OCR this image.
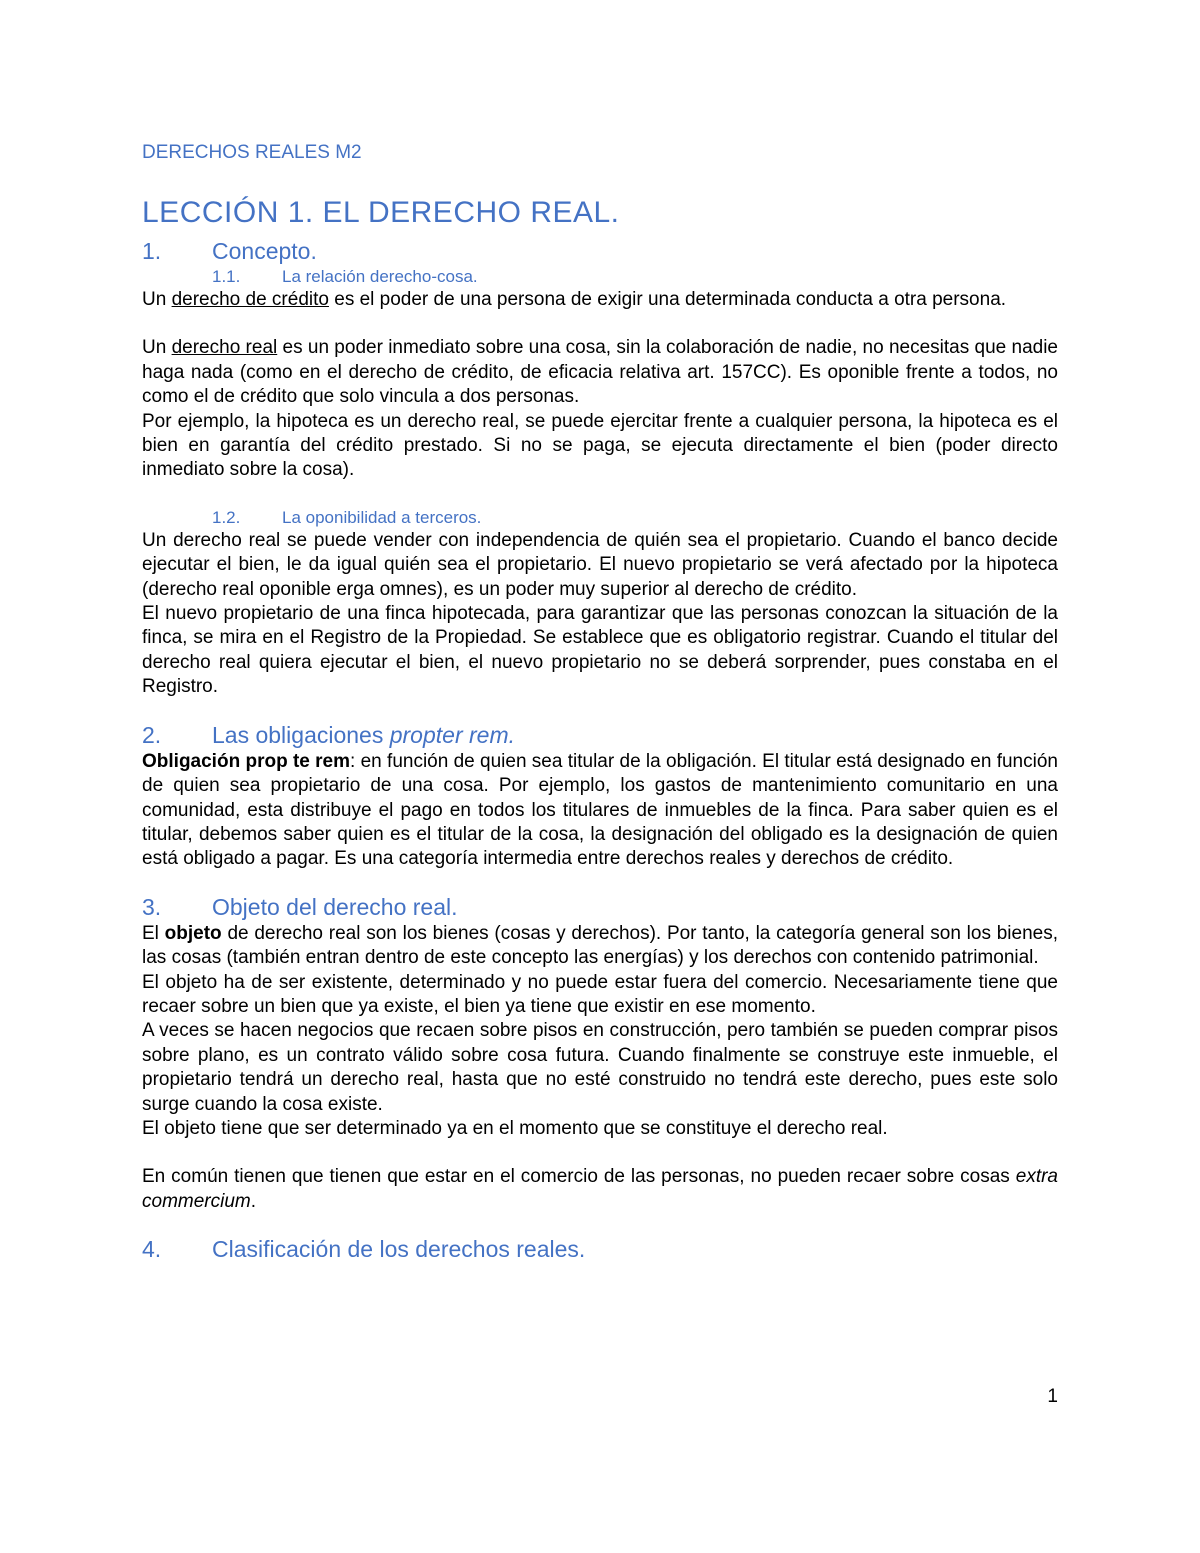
DERECHOS REALES M2
LECCIÓN 1. EL DERECHO REAL.
1.	Concepto.
1.1.	La relación derecho-cosa.

Un derecho de crédito es el poder de una persona de exigir una determinada conducta a otra persona.

Un derecho real es un poder inmediato sobre una cosa, sin la colaboración de nadie, no necesitas que nadie haga nada (como en el derecho de crédito, de eficacia relativa art. 157CC). Es oponible frente a todos, no como el de crédito que solo vincula a dos personas.

Por ejemplo, la hipoteca es un derecho real, se puede ejercitar frente a cualquier persona, la hipoteca es el bien en garantía del crédito prestado. Si no se paga, se ejecuta directamente el bien (poder directo inmediato sobre la cosa).

1.2.	La oponibilidad a terceros.

Un derecho real se puede vender con independencia de quién sea el propietario. Cuando el banco decide ejecutar el bien, le da igual quién sea el propietario. El nuevo propietario se verá afectado por la hipoteca (derecho real oponible erga omnes), es un poder muy superior al derecho de crédito.

El nuevo propietario de una finca hipotecada, para garantizar que las personas conozcan la situación de la finca, se mira en el Registro de la Propiedad. Se establece que es obligatorio registrar. Cuando el titular del derecho real quiera ejecutar el bien, el nuevo propietario no se deberá sorprender, pues constaba en el Registro.

2.	Las obligaciones propter rem.

Obligación prop te rem: en función de quien sea titular de la obligación. El titular está designado en función de quien sea propietario de una cosa. Por ejemplo, los gastos de mantenimiento comunitario en una comunidad, esta distribuye el pago en todos los titulares de inmuebles de la finca. Para saber quien es el titular, debemos saber quien es el titular de la cosa, la designación del obligado es la designación de quien está obligado a pagar. Es una categoría intermedia entre derechos reales y derechos de crédito.

3.	Objeto del derecho real.

El objeto de derecho real son los bienes (cosas y derechos). Por tanto, la categoría general son los bienes, las cosas (también entran dentro de este concepto las energías) y los derechos con contenido patrimonial.

El objeto ha de ser existente, determinado y no puede estar fuera del comercio. Necesariamente tiene que recaer sobre un bien que ya existe, el bien ya tiene que existir en ese momento.

A veces se hacen negocios que recaen sobre pisos en construcción, pero también se pueden comprar pisos sobre plano, es un contrato válido sobre cosa futura. Cuando finalmente se construye este inmueble, el propietario tendrá un derecho real, hasta que no esté construido no tendrá este derecho, pues este solo surge cuando la cosa existe.

El objeto tiene que ser determinado ya en el momento que se constituye el derecho real.

En común tienen que tienen que estar en el comercio de las personas, no pueden recaer sobre cosas extra commercium.

4.	Clasificación de los derechos reales.
1
